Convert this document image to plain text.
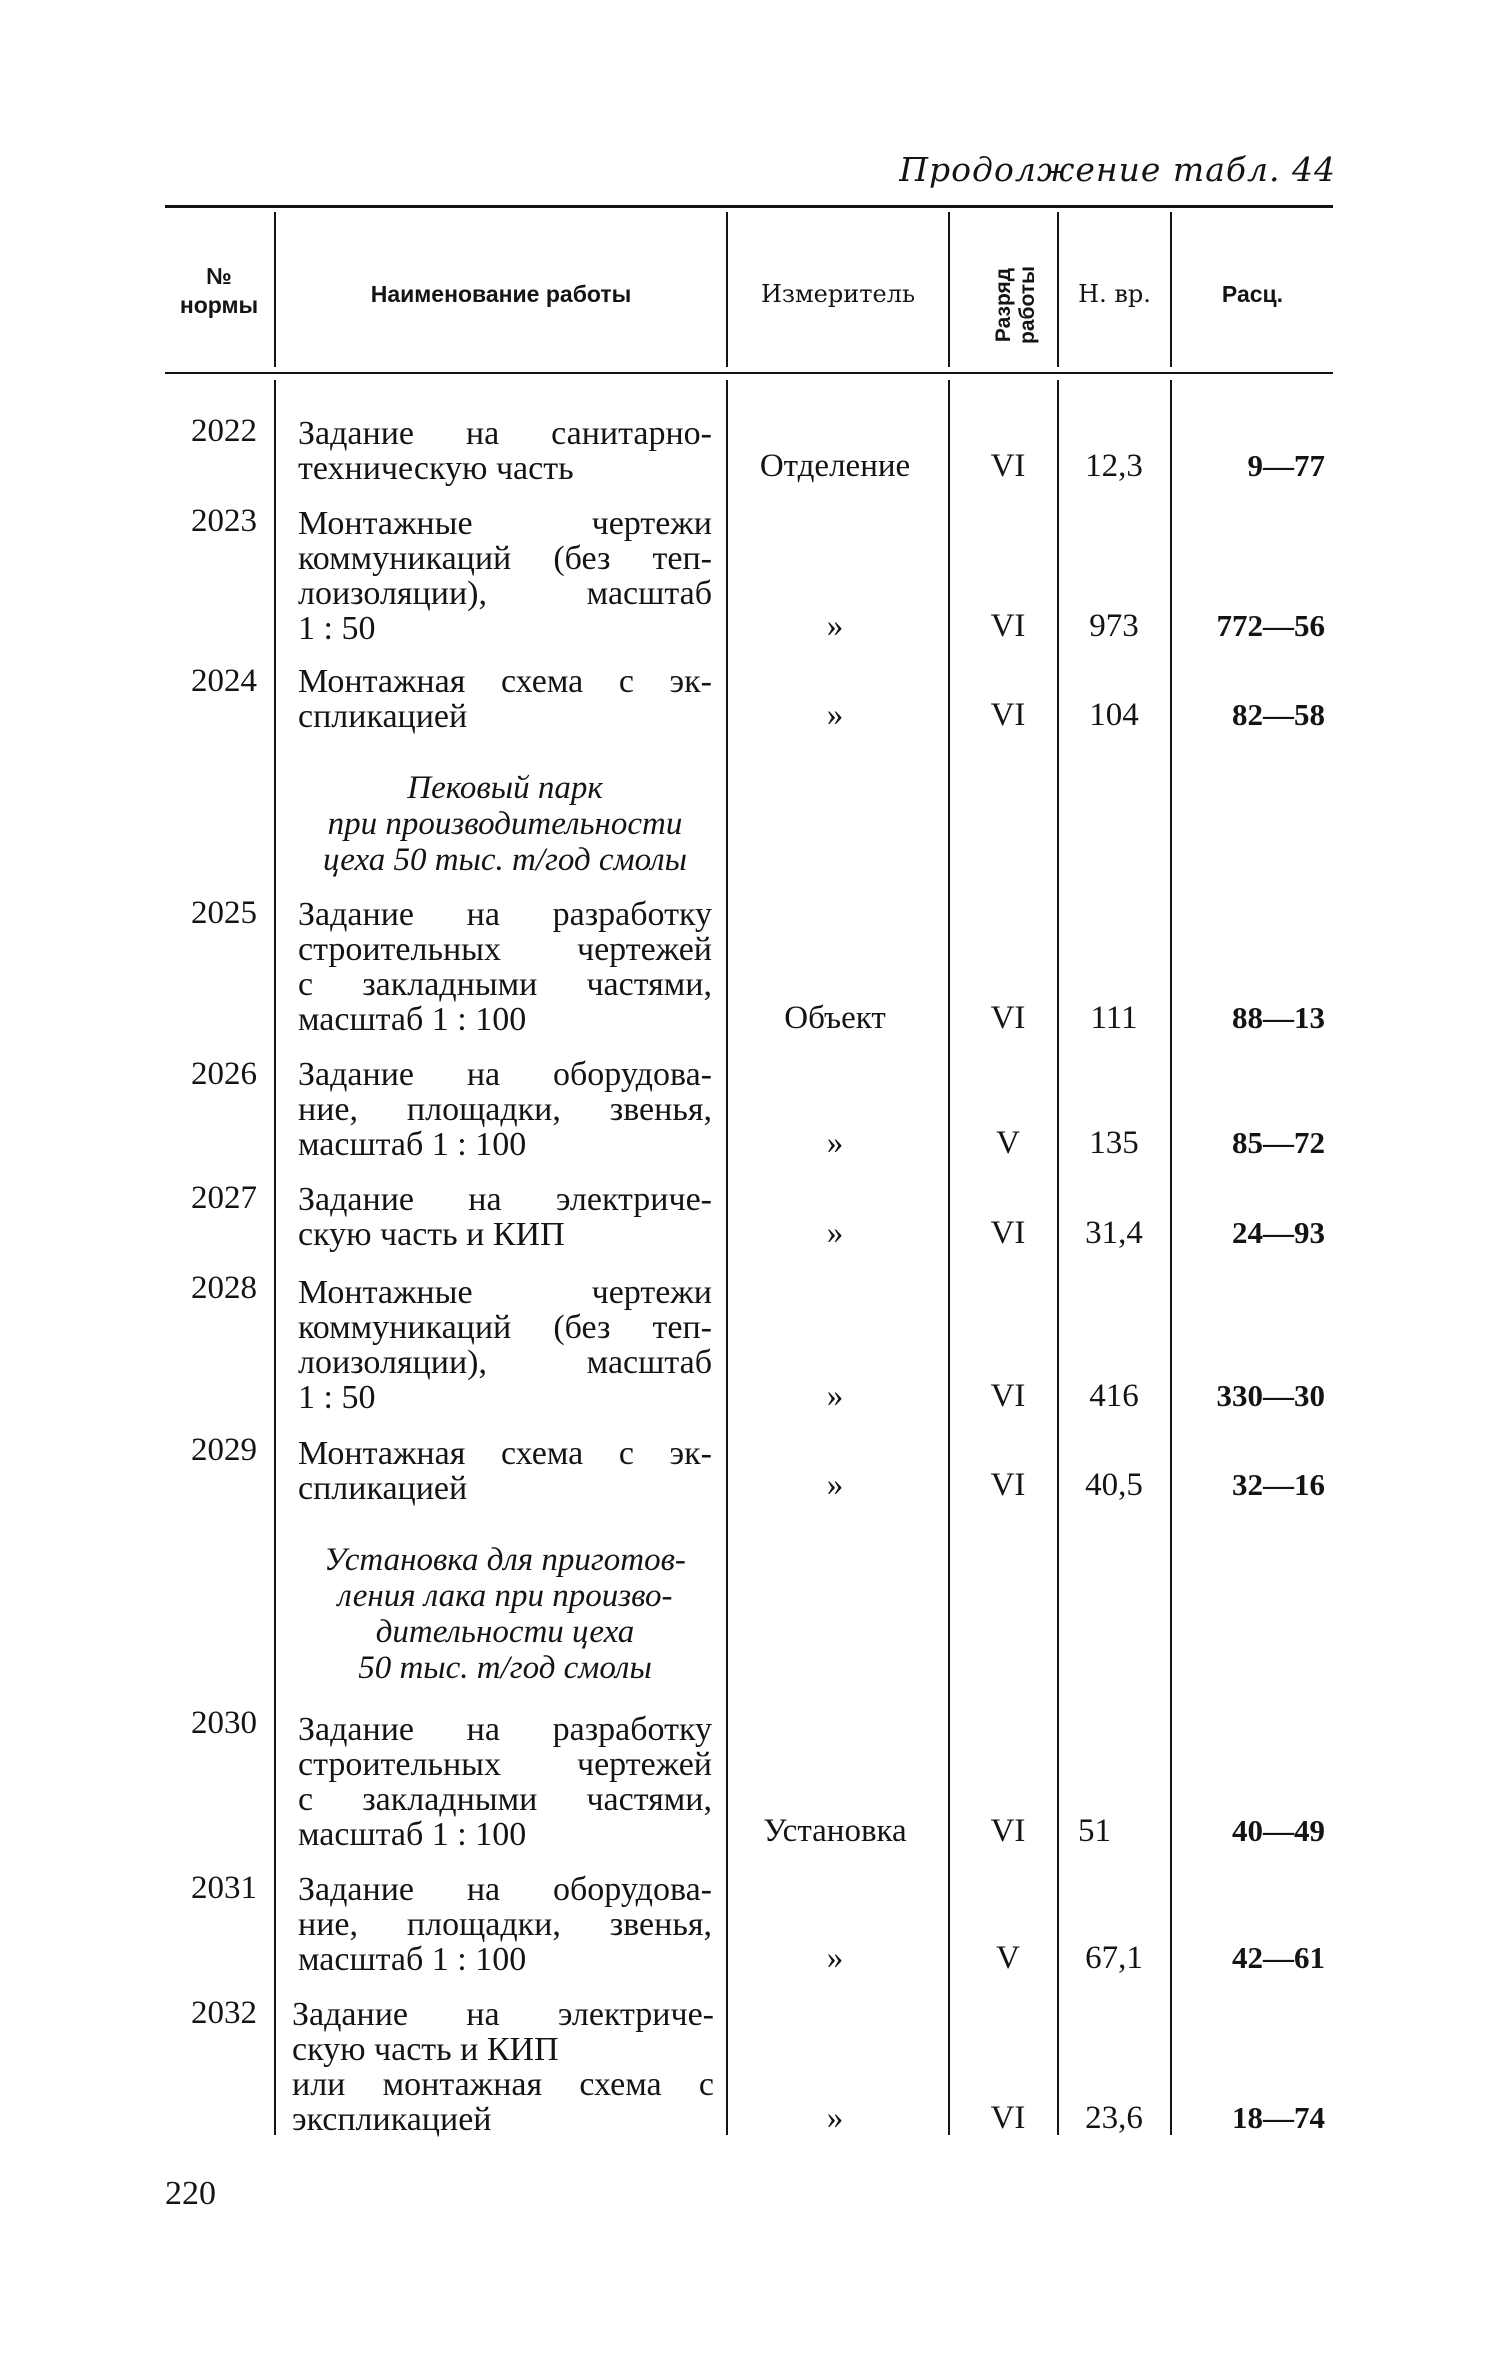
Продолжение табл. 44
№
нормы	Наименование работы	Измеритель	Разряд работы	Н. вр.	Расц.
2022 Задание на санитарно-
техническую часть	Отделение	VI	12,3	9—77
2023 Монтажные чертежи
коммуникаций (без теп-
лоизоляции), масштаб
1 : 50	»	VI	973	772—56
2024 Монтажная схема с эк-
спликацией	»	VI	104	82—58
Пековый парк
при производительности
цеха 50 тыс. т/год смолы
2025 Задание на разработку
строительных чертежей
с закладными частями,
масштаб 1 : 100	Объект	VI	111	88—13
2026 Задание на оборудова-
ние, площадки, звенья,
масштаб 1 : 100	»	V	135	85—72
2027 Задание на электриче-
скую часть и КИП	»	VI	31,4	24—93
2028 Монтажные чертежи
коммуникаций (без теп-
лоизоляции), масштаб
1 : 50	»	VI	416	330—30
2029 Монтажная схема с эк-
спликацией	»	VI	40,5	32—16
Установка для приготов-
ления лака при произво-
дительности цеха
50 тыс. т/год смолы
2030 Задание на разработку
строительных чертежей
с закладными частями,
масштаб 1 : 100	Установка	VI	51	40—49
2031 Задание на оборудова-
ние, площадки, звенья,
масштаб 1 : 100	»	V	67,1	42—61
2032 Задание на электриче-
скую часть и КИП
или монтажная схема с
экспликацией	»	VI	23,6	18—74
220
